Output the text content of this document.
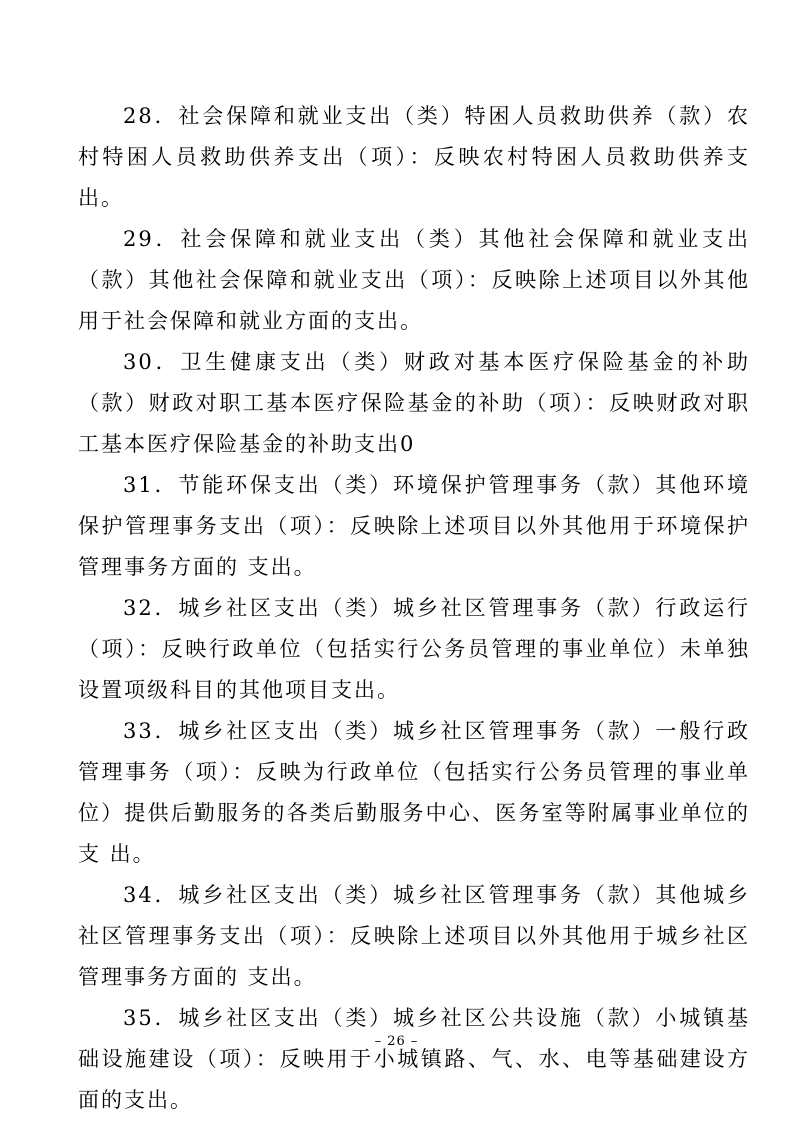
28．社会保障和就业支出（类）特困人员救助供养（款）农村特困人员救助供养支出（项）：反映农村特困人员救助供养支出。

29．社会保障和就业支出（类）其他社会保障和就业支出（款）其他社会保障和就业支出（项）：反映除上述项目以外其他用于社会保障和就业方面的支出。

30．卫生健康支出（类）财政对基本医疗保险基金的补助（款）财政对职工基本医疗保险基金的补助（项）：反映财政对职工基本医疗保险基金的补助支出0

31．节能环保支出（类）环境保护管理事务（款）其他环境保护管理事务支出（项）：反映除上述项目以外其他用于环境保护管理事务方面的 支出。

32．城乡社区支出（类）城乡社区管理事务（款）行政运行（项）：反映行政单位（包括实行公务员管理的事业单位）未单独 设置项级科目的其他项目支出。

33．城乡社区支出（类）城乡社区管理事务（款）一般行政管理事务（项）：反映为行政单位（包括实行公务员管理的事业单位）提供后勤服务的各类后勤服务中心、医务室等附属事业单位的支 出。

34．城乡社区支出（类）城乡社区管理事务（款）其他城乡社区管理事务支出（项）：反映除上述项目以外其他用于城乡社区管理事务方面的 支出。

35．城乡社区支出（类）城乡社区公共设施（款）小城镇基础设施建设（项）：反映用于小城镇路、气、水、电等基础建设方面的支出。

– 26 –
